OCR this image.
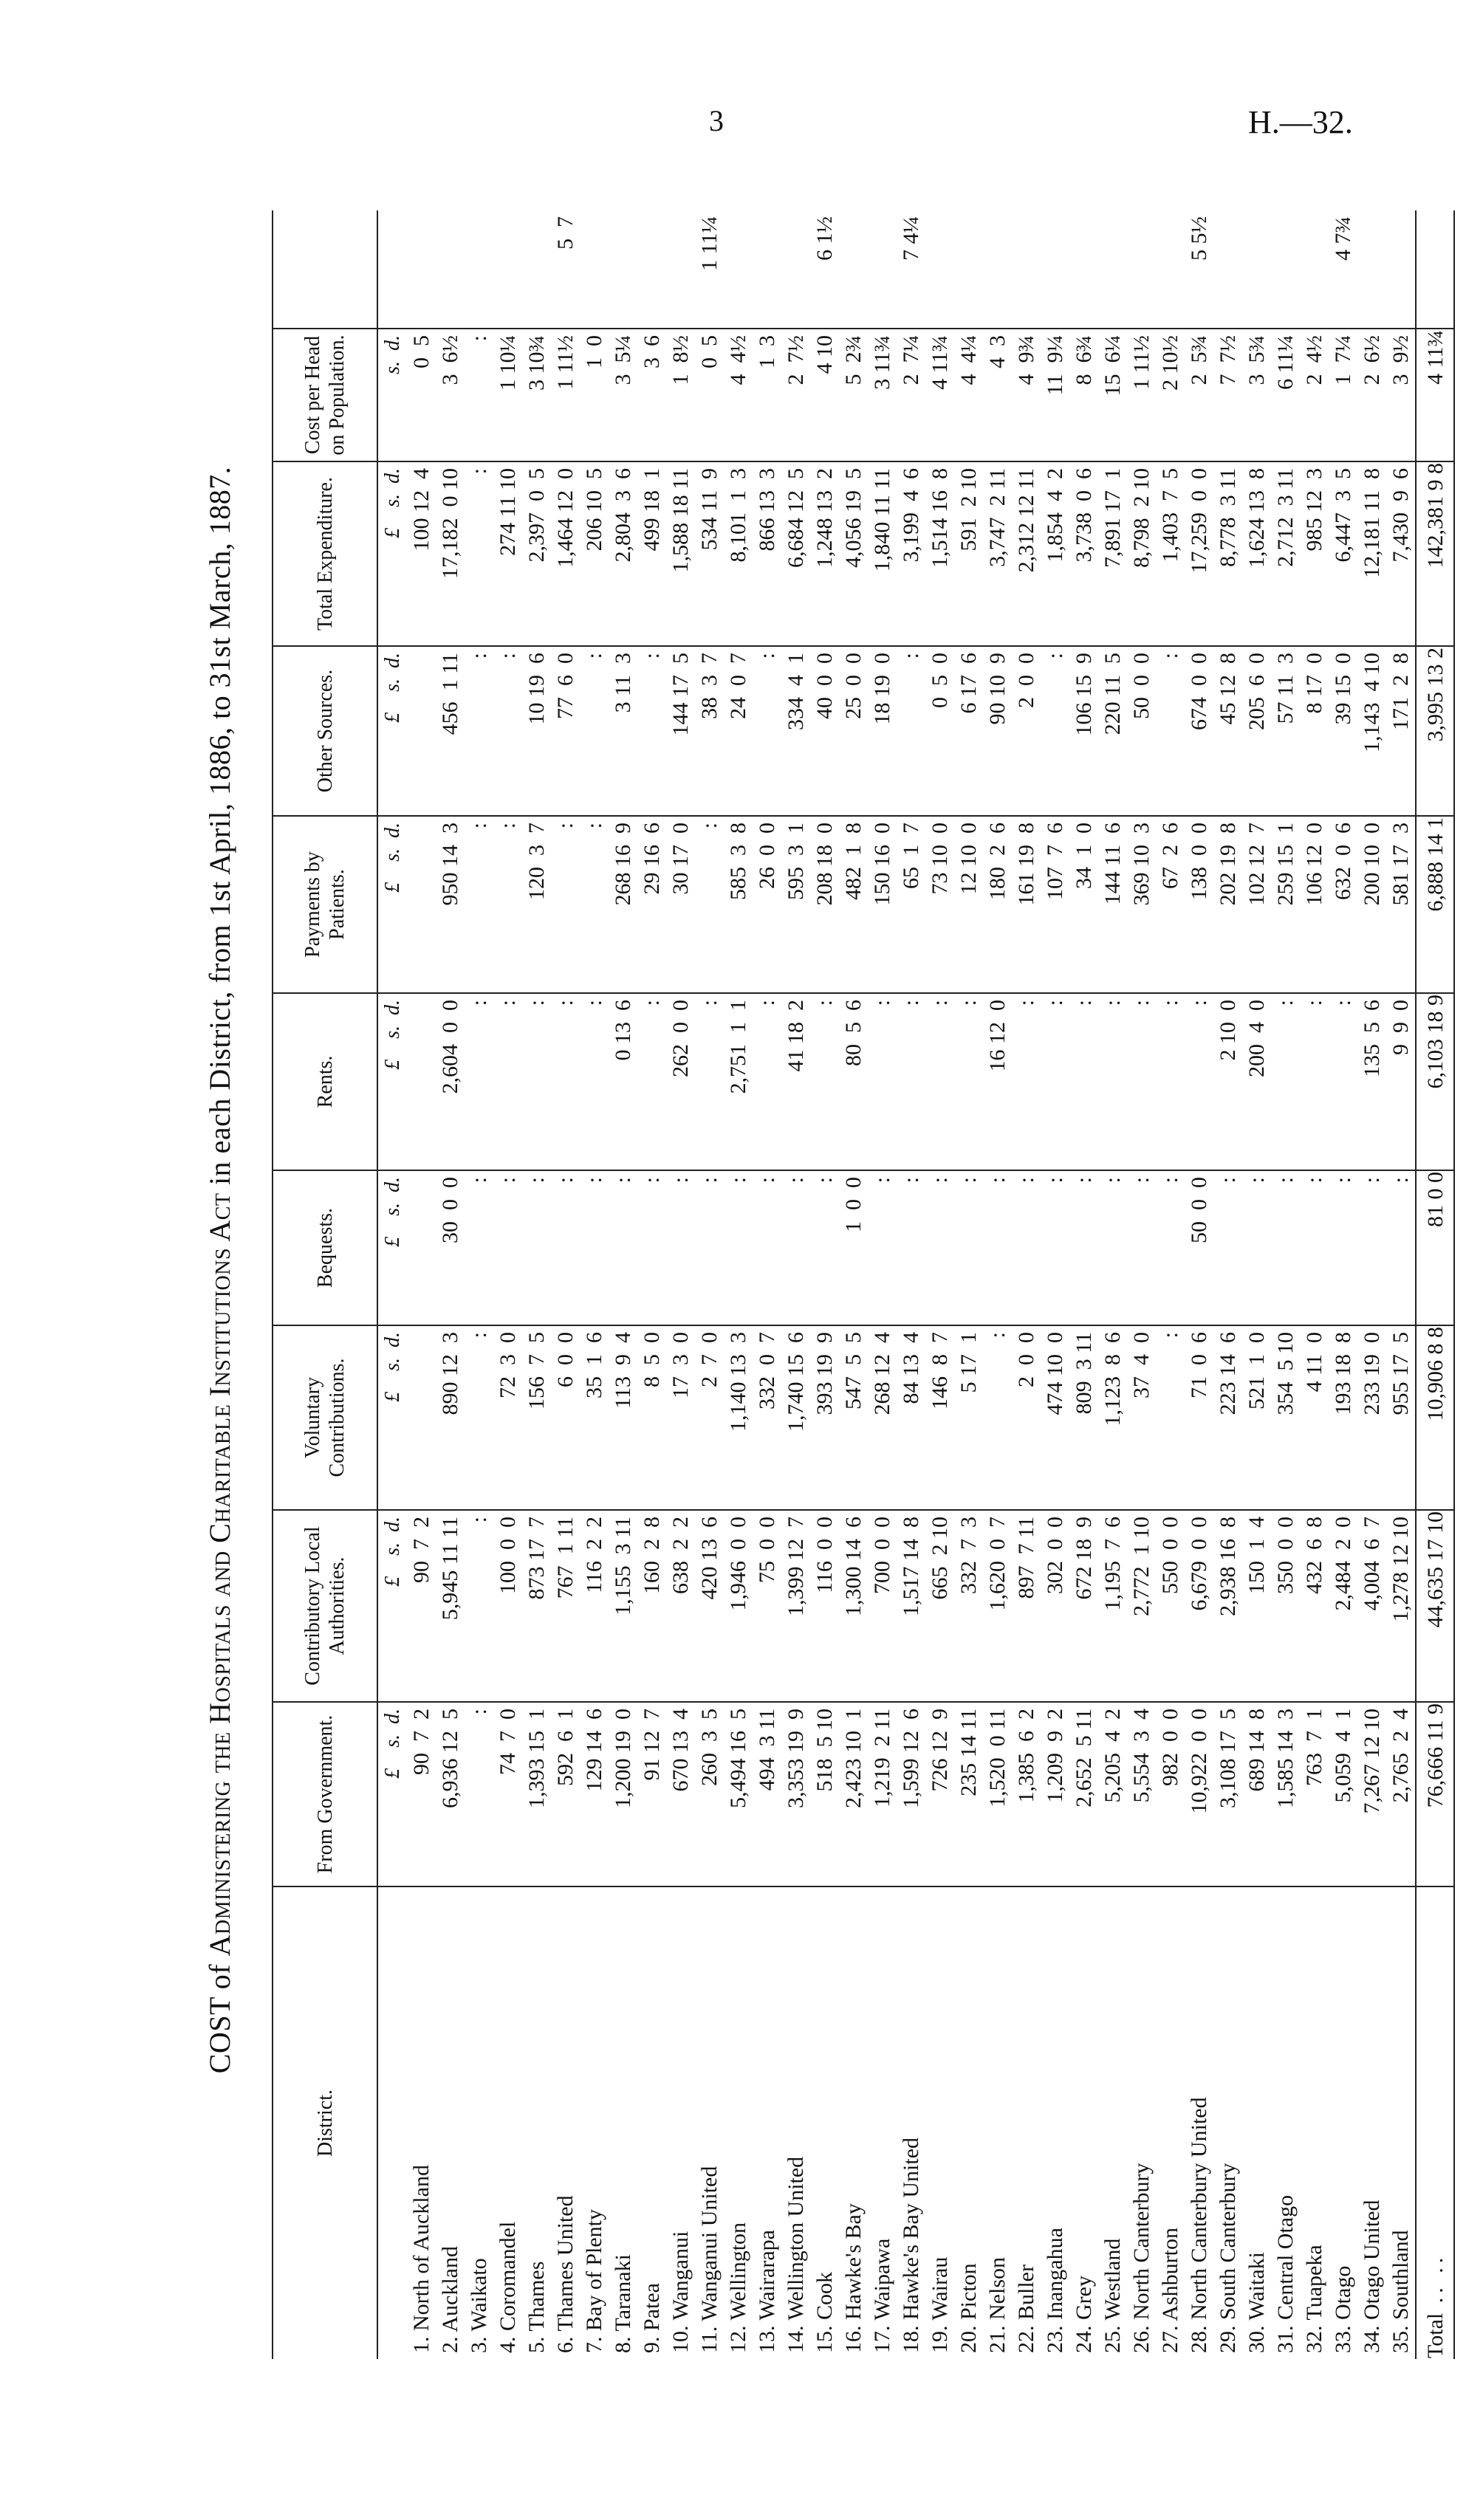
3	H.—32.
COST of Administering the Hospitals and Charitable Institutions Act in each District, from 1st April, 1886, to 31st March, 1887.
District.	From Government.	Contributory Local Authorities.	Voluntary Contributions.	Bequests.	Rents.	Payments by Patients.	Other Sources.	Total Expenditure.	Cost per Head on Population.	
	£    s.  d.	£    s.  d.	£    s.  d.	£    s.  d.	£    s.  d.	£    s.  d.	£    s.  d.	£    s.  d.	s.  d.	
1. North of Auckland	90  7  2	90  7  2						100 12  4	0  5	
2. Auckland	6,936 12  5	5,945 11 11	890 12  3	30  0  0	2,604  0  0	950 14  3	456  1 11	17,182  0 10	3  6½	
3. Waikato	:	:	:	:	:	:	:	:	:	
4. Coromandel	74  7  0	100  0  0	72  3  0	:	:	:	:	274 11 10	1 10¼	
5. Thames	1,393 15  1	873 17  7	156  7  5	:	:	120  3  7	10 19  6	2,397  0  5	3 10¾	
6. Thames United	592  6  1	767  1 11	6  0  0	:	:	:	77  6  0	1,464 12  0	1 11½	5  7
7. Bay of Plenty	129 14  6	116  2  2	35  1  6	:	:	:	:	206 10  5	1  0	
8. Taranaki	1,200 19  0	1,155  3 11	113  9  4	:	0 13  6	268 16  9	3 11  3	2,804  3  6	3  5¼	
9. Patea	91 12  7	160  2  8	8  5  0	:	:	29 16  6	:	499 18  1	3  6	
10. Wanganui	670 13  4	638  2  2	17  3  0	:	262  0  0	30 17  0	144 17  5	1,588 18 11	1  8½	
11. Wanganui United	260  3  5	420 13  6	2  7  0	:	:	:	38  3  7	534 11  9	0  5	1 11¼
12. Wellington	5,494 16  5	1,946  0  0	1,140 13  3	:	2,751  1  1	585  3  8	24  0  7	8,101  1  3	4  4½	
13. Wairarapa	494  3 11	75  0  0	332  0  7	:	:	26  0  0	:	866 13  3	1  3	
14. Wellington United	3,353 19  9	1,399 12  7	1,740 15  6	:	41 18  2	595  3  1	334  4  1	6,684 12  5	2  7½	
15. Cook	518  5 10	116  0  0	393 19  9	:	:	208 18  0	40  0  0	1,248 13  2	4 10	6 1½
16. Hawke's Bay	2,423 10  1	1,300 14  6	547  5  5	1  0  0	80  5  6	482  1  8	25  0  0	4,056 19  5	5  2¾	
17. Waipawa	1,219  2 11	700  0  0	268 12  4	:	:	150 16  0	18 19  0	1,840 11 11	3 11¾	
18. Hawke's Bay United	1,599 12  6	1,517 14  8	84 13  4	:	:	65  1  7	:	3,199  4  6	2  7¼	7 4¼
19. Wairau	726 12  9	665  2 10	146  8  7	:	:	73 10  0	0  5  0	1,514 16  8	4 11¾	
20. Picton	235 14 11	332  7  3	5 17  1	:	:	12 10  0	6 17  6	591  2 10	4  4¼	
21. Nelson	1,520  0 11	1,620  0  7	:	:	16 12  0	180  2  6	90 10  9	3,747  2 11	4  3	
22. Buller	1,385  6  2	897  7 11	2  0  0	:	:	161 19  8	2  0  0	2,312 12 11	4  9¾	
23. Inangahua	1,209  9  2	302  0  0	474 10  0	:	:	107  7  6	:	1,854  4  2	11  9¼	
24. Grey	2,652  5 11	672 18  9	809  3 11	:	:	34  1  0	106 15  9	3,738  0  6	8  6¾	
25. Westland	5,205  4  2	1,195  7  6	1,123  8  6	:	:	144 11  6	220 11  5	7,891 17  1	15  6¼	
26. North Canterbury	5,554  3  4	2,772  1 10	37  4  0	:	:	369 10  3	50  0  0	8,798  2 10	1 11½	
27. Ashburton	982  0  0	550  0  0	:	:	:	67  2  6	:	1,403  7  5	2 10½	
28. North Canterbury United	10,922  0  0	6,679  0  0	71  0  6	50  0  0	:	138  0  0	674  0  0	17,259  0  0	2  5¾	5 5½
29. South Canterbury	3,108 17  5	2,938 16  8	223 14  6	:	2 10  0	202 19  8	45 12  8	8,778  3 11	7  7½	
30. Waitaki	689 14  8	150  1  4	521  1  0	:	200  4  0	102 12  7	205  6  0	1,624 13  8	3  5¾	
31. Central Otago	1,585 14  3	350  0  0	354  5 10	:	:	259 15  1	57 11  3	2,712  3 11	6 11¼	
32. Tuapeka	763  7  1	432  6  8	4 11  0	:	:	106 12  0	8 17  0	985 12  3	2  4½	
33. Otago	5,059  4  1	2,484  2  0	193 18  8	:	:	632  0  6	39 15  0	6,447  3  5	1  7¼	4 7¾
34. Otago United	7,267 12 10	4,004  6  7	233 19  0	:	135  5  6	200 10  0	1,143  4 10	12,181 11  8	2  6½	
35. Southland	2,765  2  4	1,278 12 10	955 17  5	:	9  9  0	581 17  3	171  2  8	7,430  9  6	3  9½	
Total .. ..	76,666 11 9	44,635 17 10	10,906 8 8	81 0 0	6,103 18 9	6,888 14 1	3,995 13 2	142,381 9 8	4 11¾	
